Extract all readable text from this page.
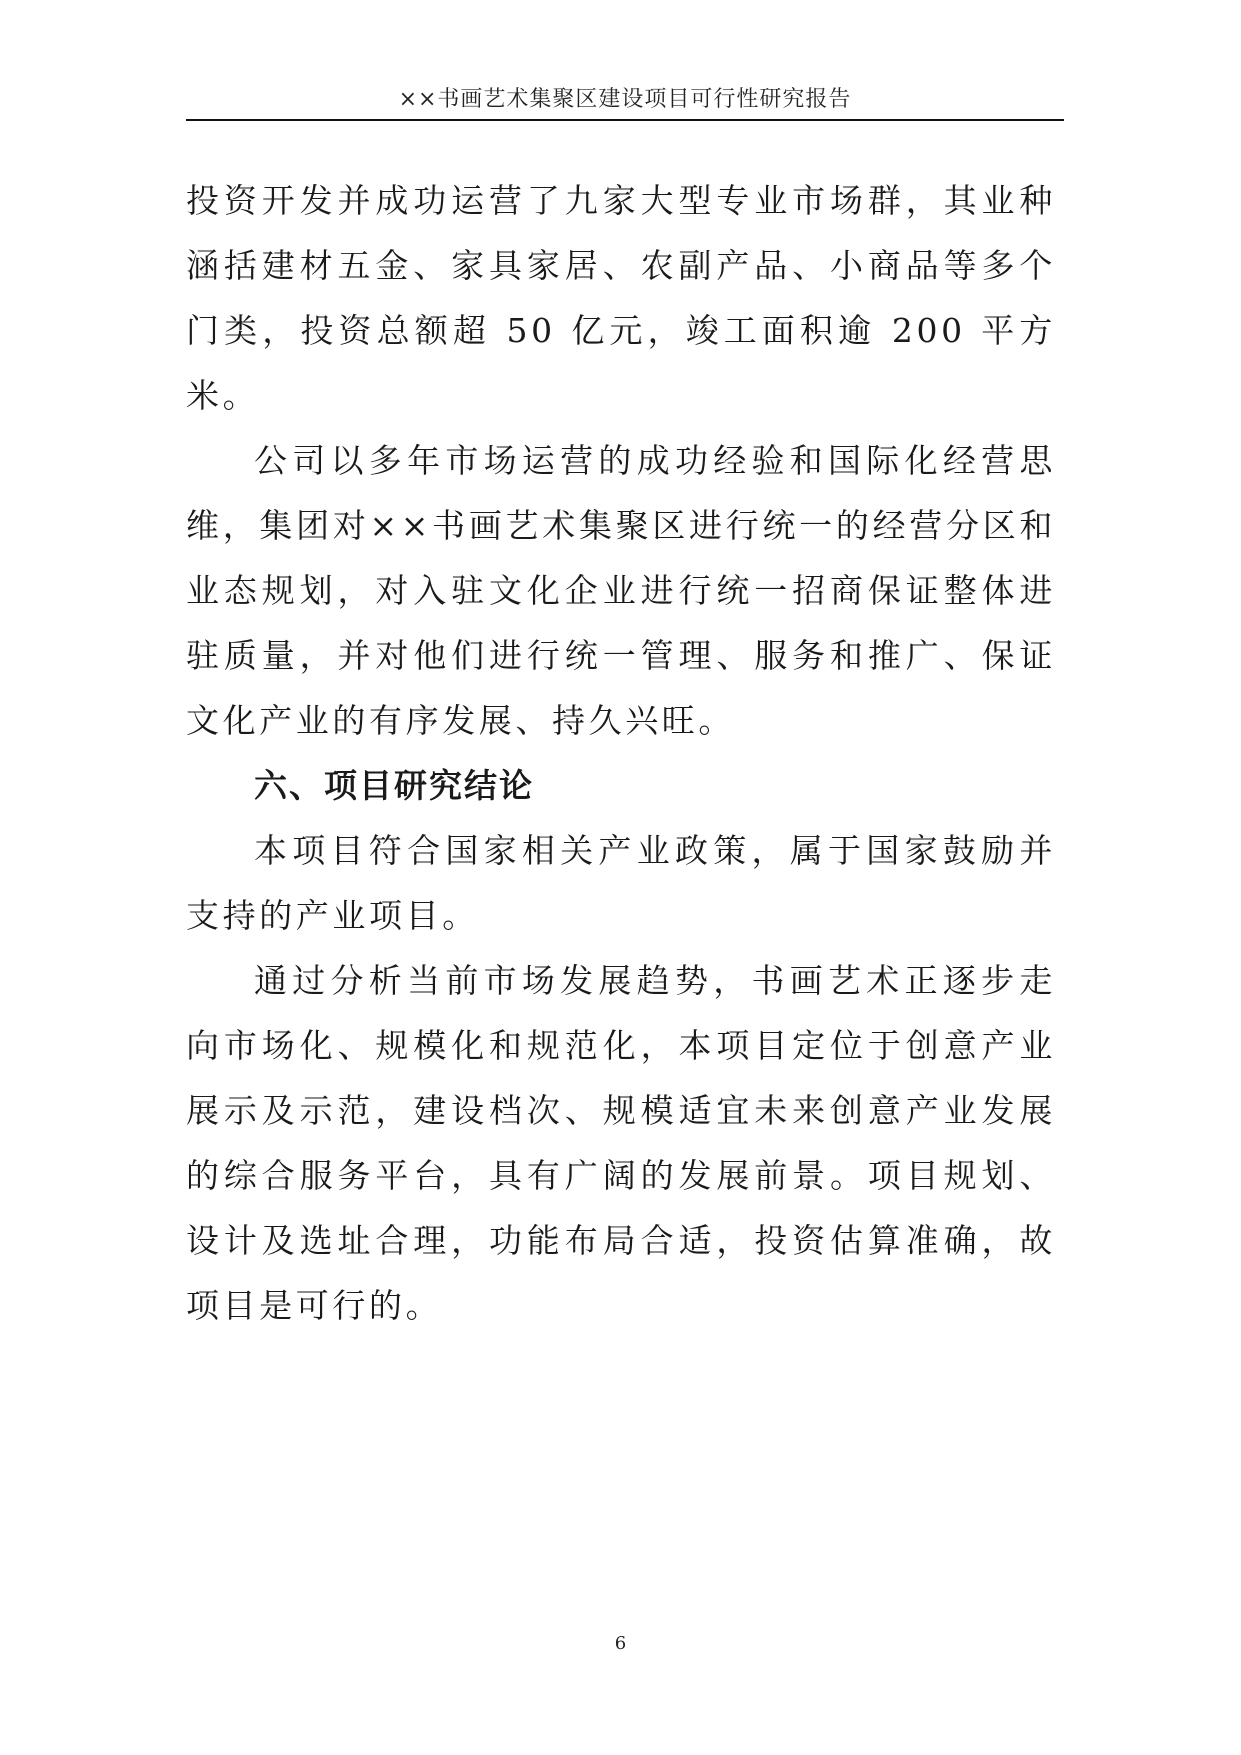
××书画艺术集聚区建设项目可行性研究报告

投资开发并成功运营了九家大型专业市场群，其业种涵括建材五金、家具家居、农副产品、小商品等多个门类，投资总额超 50 亿元，竣工面积逾 200 平方米。

公司以多年市场运营的成功经验和国际化经营思维，集团对××书画艺术集聚区进行统一的经营分区和业态规划，对入驻文化企业进行统一招商保证整体进驻质量，并对他们进行统一管理、服务和推广、保证文化产业的有序发展、持久兴旺。

六、项目研究结论

本项目符合国家相关产业政策，属于国家鼓励并支持的产业项目。

通过分析当前市场发展趋势，书画艺术正逐步走向市场化、规模化和规范化，本项目定位于创意产业展示及示范，建设档次、规模适宜未来创意产业发展的综合服务平台，具有广阔的发展前景。项目规划、设计及选址合理，功能布局合适，投资估算准确，故项目是可行的。

6
